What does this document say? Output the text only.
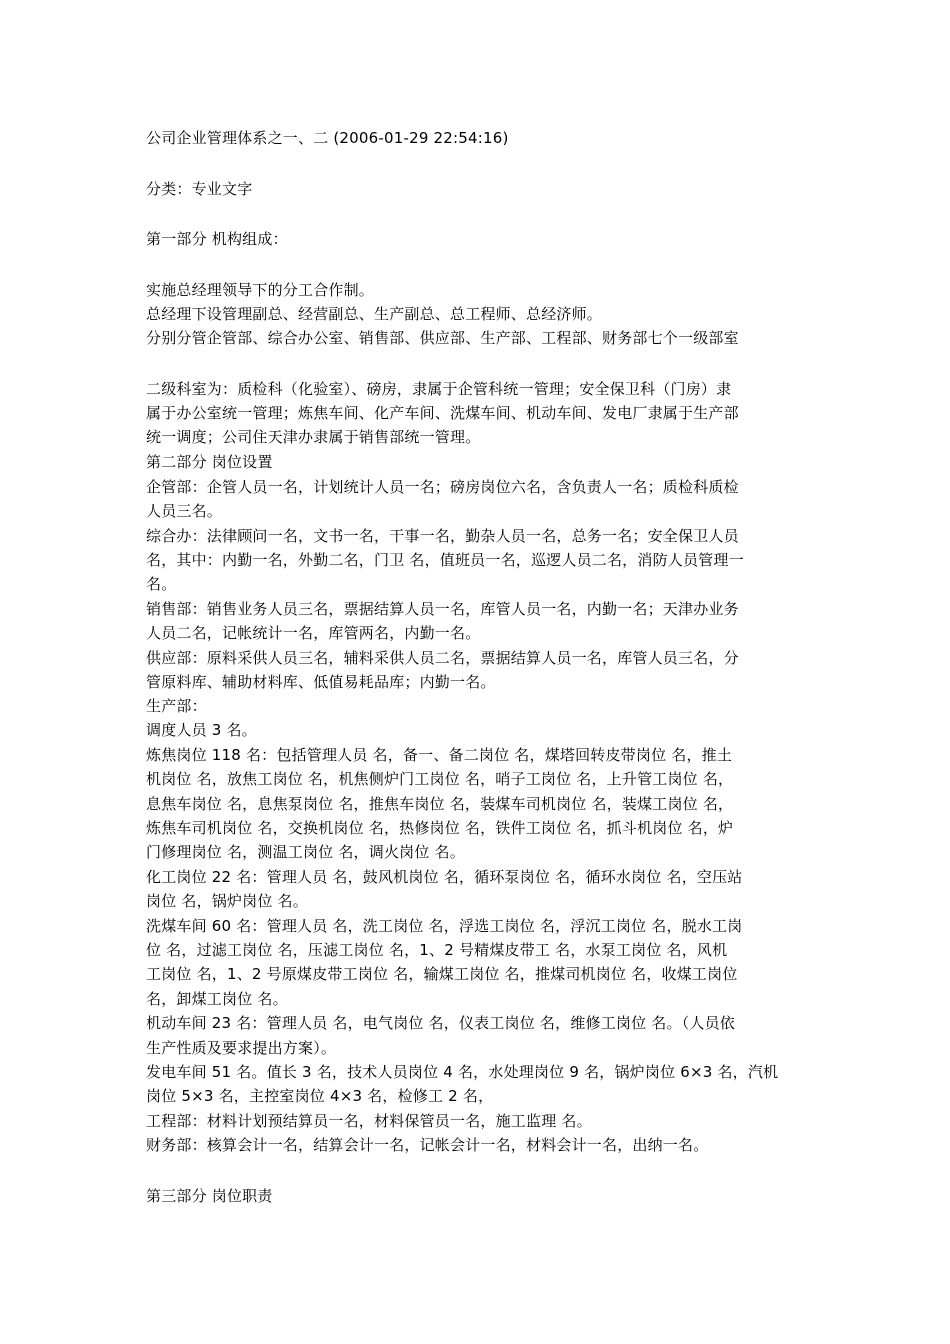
公司企业管理体系之一、二 (2006-01-29 22:54:16)
分类：专业文字
第一部分 机构组成：
实施总经理领导下的分工合作制。
总经理下设管理副总、经营副总、生产副总、总工程师、总经济师。
分别分管企管部、综合办公室、销售部、供应部、生产部、工程部、财务部七个一级部室
二级科室为：质检科（化验室）、磅房，隶属于企管科统一管理；安全保卫科（门房）隶
属于办公室统一管理；炼焦车间、化产车间、洗煤车间、机动车间、发电厂隶属于生产部
统一调度；公司住天津办隶属于销售部统一管理。
第二部分 岗位设置
企管部：企管人员一名，计划统计人员一名；磅房岗位六名，含负责人一名；质检科质检
人员三名。
综合办：法律顾问一名，文书一名，干事一名，勤杂人员一名，总务一名；安全保卫人员
名，其中：内勤一名，外勤二名，门卫 名，值班员一名，巡逻人员二名，消防人员管理一
名。
销售部：销售业务人员三名，票据结算人员一名，库管人员一名，内勤一名；天津办业务
人员二名，记帐统计一名，库管两名，内勤一名。
供应部：原料采供人员三名，辅料采供人员二名，票据结算人员一名，库管人员三名，分
管原料库、辅助材料库、低值易耗品库；内勤一名。
生产部：
调度人员 3 名。
炼焦岗位 118 名：包括管理人员 名，备一、备二岗位 名，煤塔回转皮带岗位 名，推土
机岗位 名，放焦工岗位 名，机焦侧炉门工岗位 名，哨子工岗位 名，上升管工岗位 名，
息焦车岗位 名，息焦泵岗位 名，推焦车岗位 名，装煤车司机岗位 名，装煤工岗位 名，
炼焦车司机岗位 名，交换机岗位 名，热修岗位 名，铁件工岗位 名，抓斗机岗位 名，炉
门修理岗位 名，测温工岗位 名，调火岗位 名。
化工岗位 22 名：管理人员 名，鼓风机岗位 名，循环泵岗位 名，循环水岗位 名，空压站
岗位 名，锅炉岗位 名。
洗煤车间 60 名：管理人员 名，洗工岗位 名，浮选工岗位 名，浮沉工岗位 名，脱水工岗
位 名，过滤工岗位 名，压滤工岗位 名，1、2 号精煤皮带工 名，水泵工岗位 名，风机
工岗位 名，1、2 号原煤皮带工岗位 名，输煤工岗位 名，推煤司机岗位 名，收煤工岗位
名，卸煤工岗位 名。
机动车间 23 名：管理人员 名，电气岗位 名，仪表工岗位 名，维修工岗位 名。（人员依
生产性质及要求提出方案）。
发电车间 51 名。值长 3 名，技术人员岗位 4 名，水处理岗位 9 名，锅炉岗位 6×3 名，汽机
岗位 5×3 名，主控室岗位 4×3 名，检修工 2 名，
工程部：材料计划预结算员一名，材料保管员一名，施工监理 名。
财务部：核算会计一名，结算会计一名，记帐会计一名，材料会计一名，出纳一名。
第三部分 岗位职责
